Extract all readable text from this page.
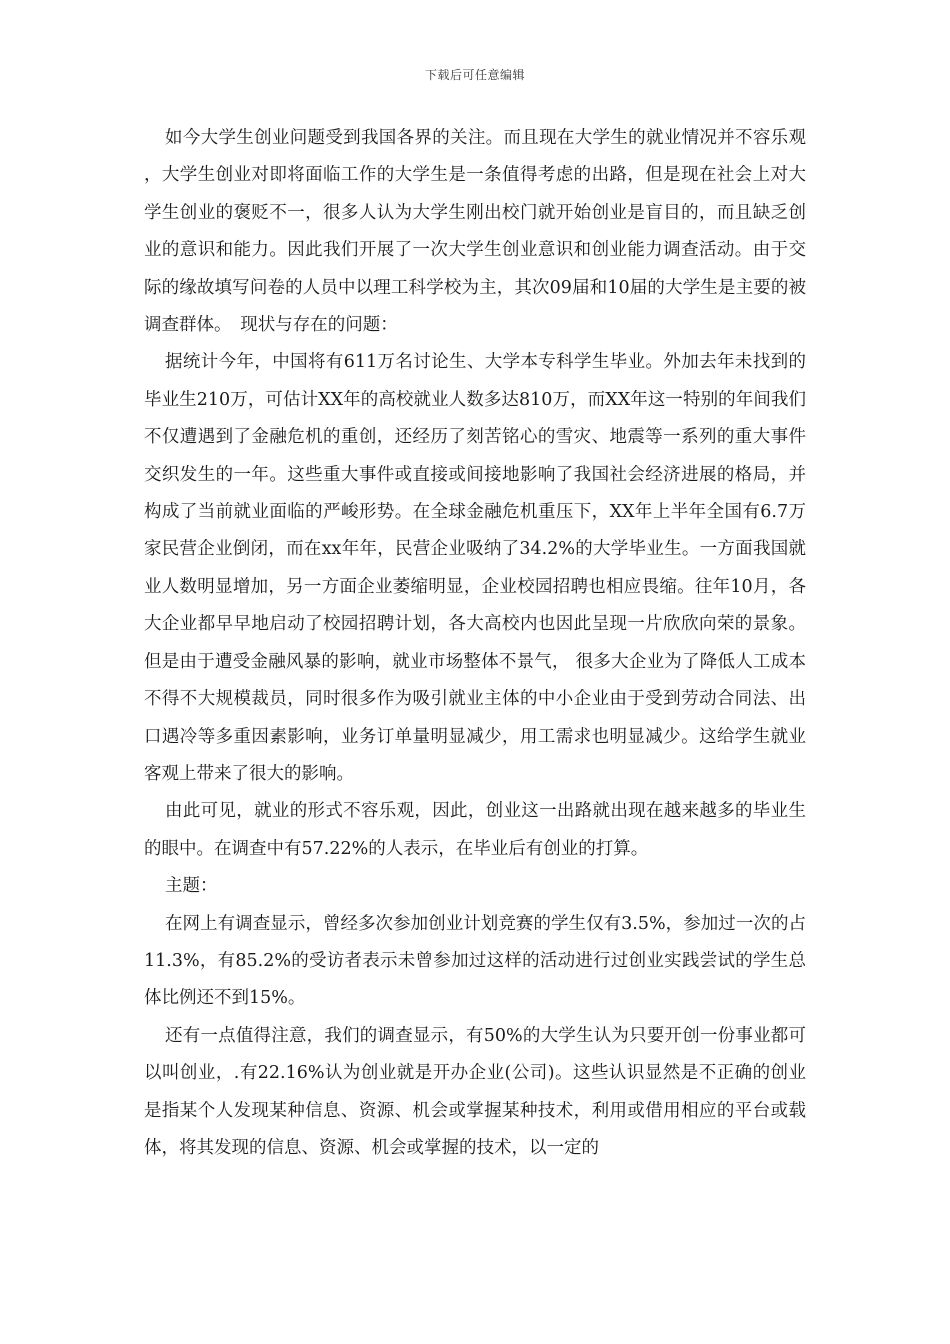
下载后可任意编辑

如今大学生创业问题受到我国各界的关注。而且现在大学生的就业情况并不容乐观，大学生创业对即将面临工作的大学生是一条值得考虑的出路，但是现在社会上对大学生创业的褒贬不一，很多人认为大学生刚出校门就开始创业是盲目的，而且缺乏创业的意识和能力。因此我们开展了一次大学生创业意识和创业能力调查活动。由于交际的缘故填写问卷的人员中以理工科学校为主，其次09届和10届的大学生是主要的被调查群体。　现状与存在的问题：

据统计今年，中国将有611万名讨论生、大学本专科学生毕业。外加去年未找到的毕业生210万，可估计XX年的高校就业人数多达810万，而XX年这一特别的年间我们不仅遭遇到了金融危机的重创，还经历了刻苦铭心的雪灾、地震等一系列的重大事件交织发生的一年。这些重大事件或直接或间接地影响了我国社会经济进展的格局，并构成了当前就业面临的严峻形势。在全球金融危机重压下，XX年上半年全国有6.7万家民营企业倒闭，而在xx年年，民营企业吸纳了34.2%的大学毕业生。一方面我国就业人数明显增加，另一方面企业萎缩明显，企业校园招聘也相应畏缩。往年10月，各大企业都早早地启动了校园招聘计划，各大高校内也因此呈现一片欣欣向荣的景象。但是由于遭受金融风暴的影响，就业市场整体不景气， 很多大企业为了降低人工成本不得不大规模裁员，同时很多作为吸引就业主体的中小企业由于受到劳动合同法、出口遇冷等多重因素影响，业务订单量明显减少，用工需求也明显减少。这给学生就业客观上带来了很大的影响。

由此可见，就业的形式不容乐观，因此，创业这一出路就出现在越来越多的毕业生的眼中。在调查中有57.22%的人表示，在毕业后有创业的打算。

主题：

在网上有调查显示，曾经多次参加创业计划竞赛的学生仅有3.5%，参加过一次的占11.3%，有85.2%的受访者表示未曾参加过这样的活动进行过创业实践尝试的学生总体比例还不到15%。

还有一点值得注意，我们的调查显示，有50%的大学生认为只要开创一份事业都可以叫创业，.有22.16%认为创业就是开办企业(公司)。这些认识显然是不正确的创业是指某个人发现某种信息、资源、机会或掌握某种技术，利用或借用相应的平台或载体，将其发现的信息、资源、机会或掌握的技术，以一定的
